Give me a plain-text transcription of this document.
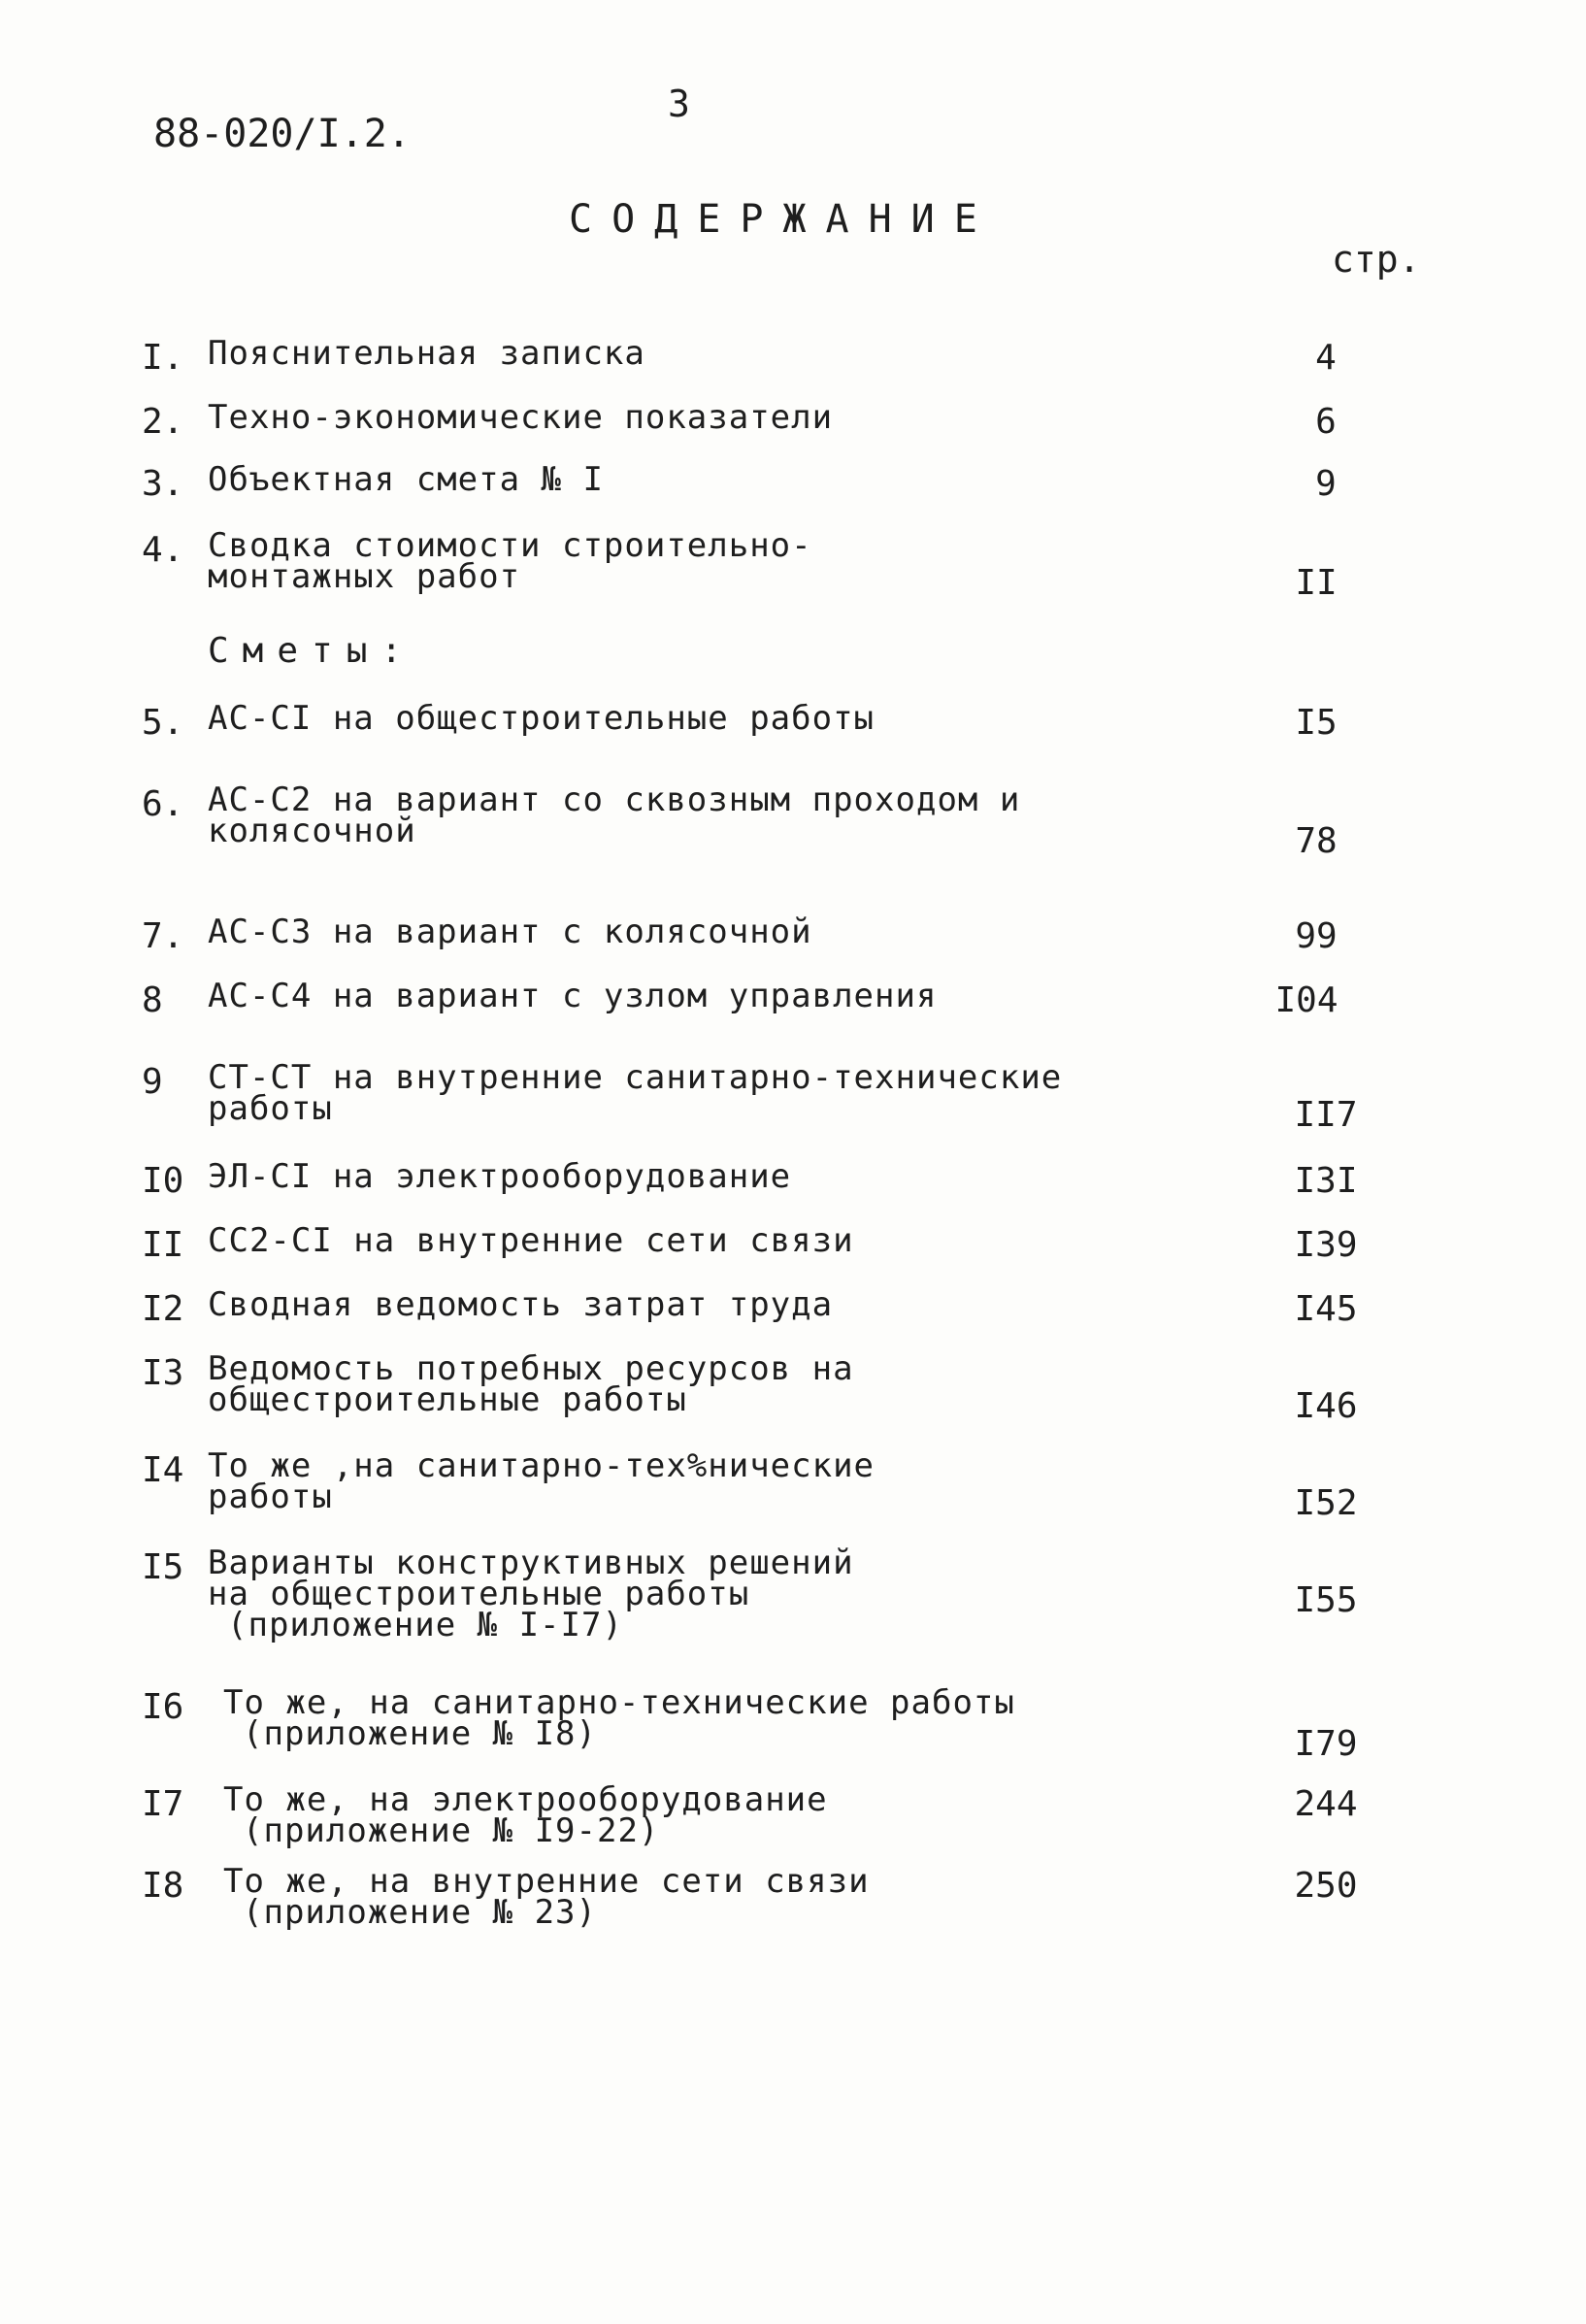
88-020/I.2.
3
СОДЕРЖАНИЕ
стр.
Сметы:
I. Пояснительная записка	4
2. Техно-экономические показатели	6
3. Объектная смета № I	9
4. Сводка стоимости строительно-
монтажных работ	II
5. АС-СI на общестроительные работы	I5
6. АС-С2 на вариант со сквозным проходом и
колясочной	78
7. АС-С3 на вариант с колясочной	99
8 АС-С4 на вариант с узлом управления	I04
9 СТ-СТ на внутренние санитарно-технические
работы	II7
I0 ЭЛ-СI на электрооборудование	I3I
II СС2-СI на внутренние сети связи	I39
I2 Сводная ведомость затрат труда	I45
I3 Ведомость потребных ресурсов на
общестроительные работы	I46
I4 То же ,на санитарно-тех%нические
работы	I52
I5 Варианты конструктивных решений
на общестроительные работы
(приложение № I-I7)
I55
I6 То же, на санитарно-технические работы
(приложение № I8)	I79
I7 То же, на электрооборудование
(приложение № I9-22)
244
I8 То же, на внутренние сети связи
(приложение № 23)
250
